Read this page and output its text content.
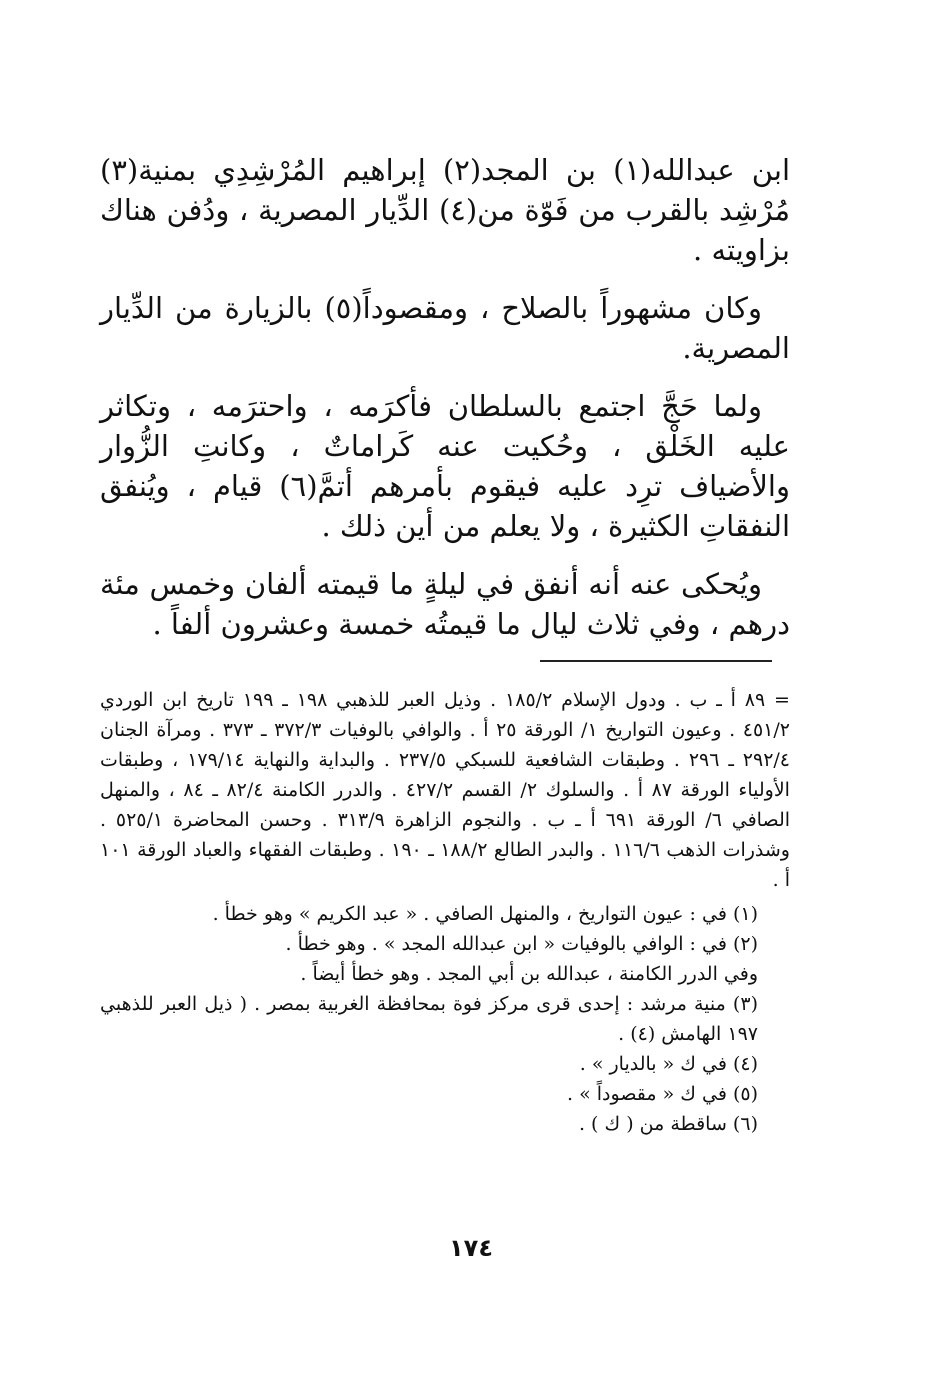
ابن عبدالله(١) بن المجد(٢) إبراهيم المُرْشِدِي بمنية(٣) مُرْشِد بالقرب من فَوّة من(٤) الدِّيار المصرية ، ودُفن هناك بزاويته .

وكان مشهوراً بالصلاح ، ومقصوداً(٥) بالزيارة من الدِّيار المصرية.

ولما حَجَّ اجتمع بالسلطان فأكرَمه ، واحترَمه ، وتكاثر عليه الخَلْق ، وحُكيت عنه كَراماتٌ ، وكانتِ الزُّوار والأضياف ترِد عليه فيقوم بأمرهم أتمَّ(٦) قيام ، ويُنفق النفقاتِ الكثيرة ، ولا يعلم من أين ذلك .

ويُحكى عنه أنه أنفق في ليلةٍ ما قيمته ألفان وخمس مئة درهم ، وفي ثلاث ليال ما قيمتُه خمسة وعشرون ألفاً .

= ٨٩ أ ـ ب . ودول الإسلام ١٨٥/٢ . وذيل العبر للذهبي ١٩٨ ـ ١٩٩ تاريخ ابن الوردي ٤٥١/٢ . وعيون التواريخ ١/ الورقة ٢٥ أ . والوافي بالوفيات ٣٧٢/٣ ـ ٣٧٣ . ومرآة الجنان ٢٩٢/٤ ـ ٢٩٦ . وطبقات الشافعية للسبكي ٢٣٧/٥ . والبداية والنهاية ١٧٩/١٤ ، وطبقات الأولياء الورقة ٨٧ أ . والسلوك ٢/ القسم ٤٢٧/٢ . والدرر الكامنة ٨٢/٤ ـ ٨٤ ، والمنهل الصافي ٦/ الورقة ٦٩١ أ ـ ب . والنجوم الزاهرة ٣١٣/٩ . وحسن المحاضرة ٥٢٥/١ . وشذرات الذهب ١١٦/٦ . والبدر الطالع ١٨٨/٢ ـ ١٩٠ . وطبقات الفقهاء والعباد الورقة ١٠١ أ .

(١) في : عيون التواريخ ، والمنهل الصافي . « عبد الكريم » وهو خطأ .

(٢) في : الوافي بالوفيات « ابن عبدالله المجد » . وهو خطأ .

وفي الدرر الكامنة ، عبدالله بن أبي المجد . وهو خطأ أيضاً .

(٣) منية مرشد : إحدى قرى مركز فوة بمحافظة الغربية بمصر . ( ذيل العبر للذهبي ١٩٧ الهامش (٤) .

(٤) في ك « بالديار » .

(٥) في ك « مقصوداً » .

(٦) ساقطة من ( ك ) .

١٧٤
